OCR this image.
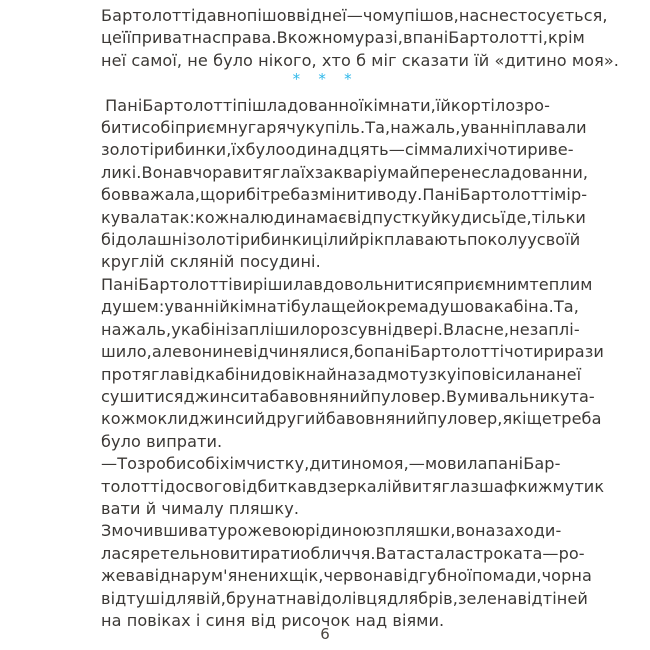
Бартолотті давно пішов від неї — чому пішов, нас не стосується,
це її приватна справа. В кожному разі, в пані Бартолотті, крім
неї самої, не було нікого, хто б міг сказати їй «дитино моя».
Пані Бартолотті пішла до ванної кімнати, їй кортіло зро-
бити собі приємну гарячу купіль. Та, на жаль, у ванні плавали
золоті рибинки, їх було одинадцять — сім малих і чотири ве-
ликі. Вона вчора витягла їх з акваріума й перенесла до ванни,
бо вважала, що рибі треба змінити воду. Пані Бартолотті мір-
кувала так: кожна людина має відпустку й кудись їде, тільки
бідолашні золоті рибинки цілий рік плавають по колу у своїй
круглій скляній посудині.
Пані Бартолотті вирішила вдовольнитися приємним теплим
душем: у ванній кімнаті була ще й окрема душова кабіна. Та,
на жаль, у кабіні заплішило розсувні двері. Власне, не заплі-
шило, але вони не відчинялися, бо пані Бартолотті чотири рази
протягла від кабіни до вікна й назад мотузку і повісила на неї
сушитися джинси та бавовняний пуловер. В умивальнику та-
кож мокли джинси й другий бавовняний пуловер, які ще треба
було випрати.
— То зроби собі хімчистку, дитино моя, — мовила пані Бар-
толотті до свого відбитка в дзеркалі й витягла з шафки жмутик
вати й чималу пляшку.
Змочивши вату рожевою рідиною з пляшки, вона заходи-
лася ретельно витирати обличчя. Вата стала строката — ро-
жева від нарум'янених щік, червона від губної помади, чорна
від туші для вій, брунатна від олівця для брів, зелена від тіней
на повіках і синя від рисочок над віями.
* * *
6
